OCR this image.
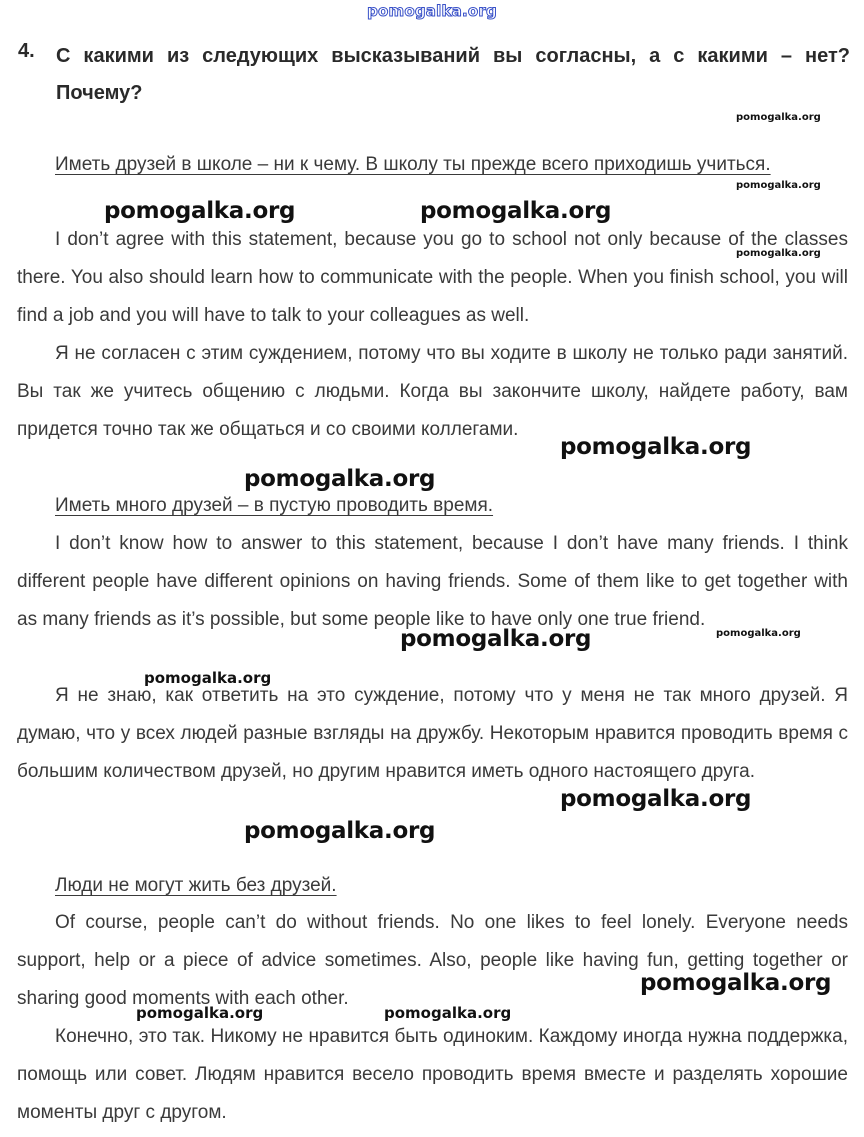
pomogalka.org
4. С какими из следующих высказываний вы согласны, а с какими – нет? Почему?
Иметь друзей в школе – ни к чему. В школу ты прежде всего приходишь учиться.
I don’t agree with this statement, because you go to school not only because of the classes there. You also should learn how to communicate with the people. When you finish school, you will find a job and you will have to talk to your colleagues as well.
Я не согласен с этим суждением, потому что вы ходите в школу не только ради занятий. Вы так же учитесь общению с людьми. Когда вы закончите школу, найдете работу, вам придется точно так же общаться и со своими коллегами.
Иметь много друзей – в пустую проводить время.
I don’t know how to answer to this statement, because I don’t have many friends. I think different people have different opinions on having friends. Some of them like to get together with as many friends as it’s possible, but some people like to have only one true friend.
Я не знаю, как ответить на это суждение, потому что у меня не так много друзей. Я думаю, что у всех людей разные взгляды на дружбу. Некоторым нравится проводить время с большим количеством друзей, но другим нравится иметь одного настоящего друга.
Люди не могут жить без друзей.
Of course, people can’t do without friends. No one likes to feel lonely. Everyone needs support, help or a piece of advice sometimes. Also, people like having fun, getting together or sharing good moments with each other.
Конечно, это так. Никому не нравится быть одиноким. Каждому иногда нужна поддержка, помощь или совет. Людям нравится весело проводить время вместе и разделять хорошие моменты друг с другом.
pomogalka.org
pomogalka.org
pomogalka.org
pomogalka.org	pomogalka.org
pomogalka.org
pomogalka.org
pomogalka.org	pomogalka.org
pomogalka.org
pomogalka.org
pomogalka.org
pomogalka.org
pomogalka.org	pomogalka.org
